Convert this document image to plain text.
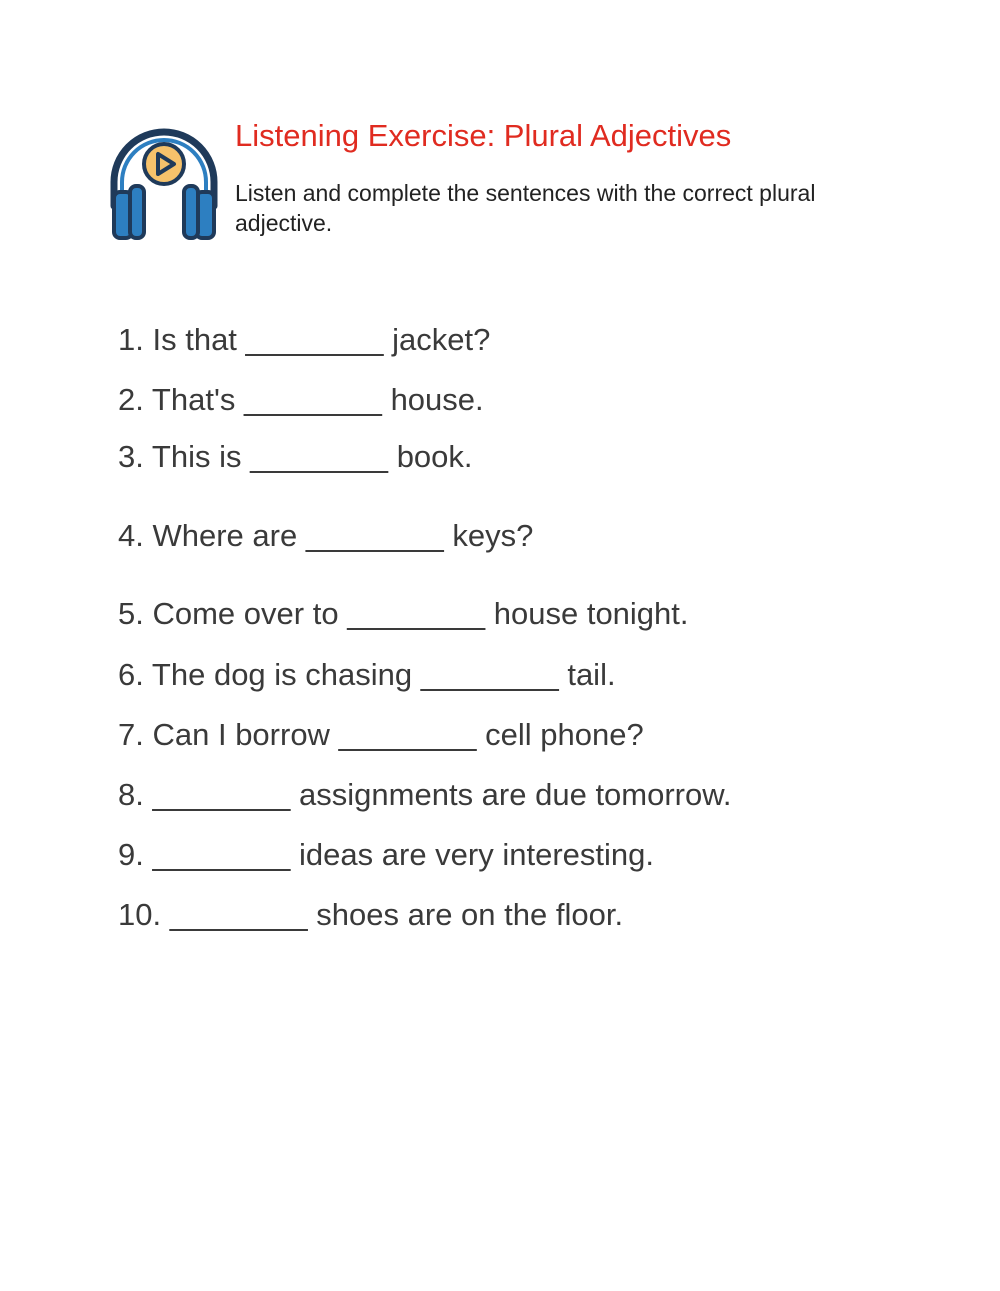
Listening Exercise: Plural Adjectives

Listen and complete the sentences with the correct plural adjective.

1. Is that ________ jacket?
2. That's ________ house.
3. This is ________ book.
4. Where are ________ keys?
5. Come over to ________ house tonight.
6. The dog is chasing ________ tail.
7. Can I borrow ________ cell phone?
8. ________ assignments are due tomorrow.
9. ________ ideas are very interesting.
10. ________ shoes are on the floor.
